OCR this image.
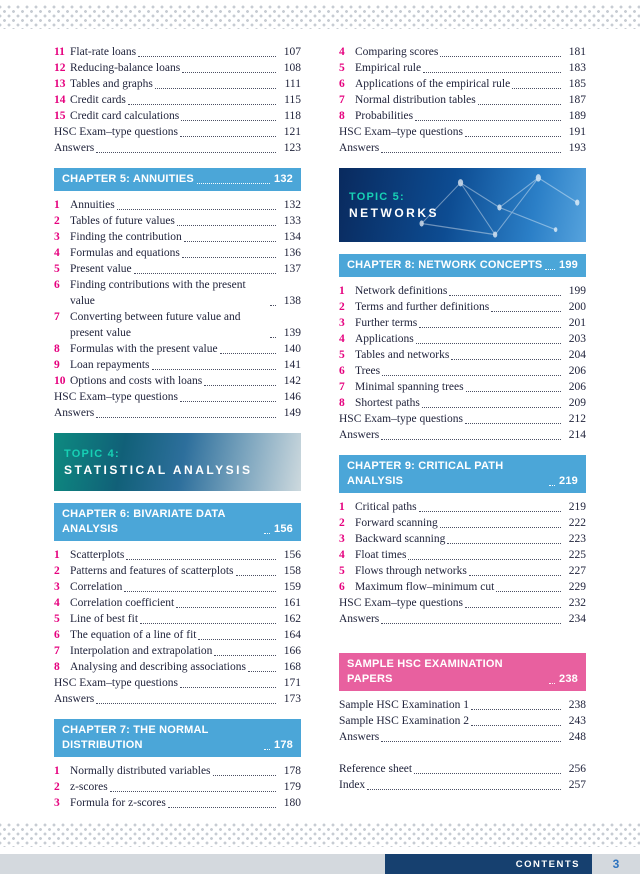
11 Flat-rate loans	107
12 Reducing-balance loans	108
13 Tables and graphs	111
14 Credit cards	115
15 Credit card calculations	118
HSC Exam–type questions	121
Answers	123
CHAPTER 5: ANNUITIES	132
1 Annuities	132
2 Tables of future values	133
3 Finding the contribution	134
4 Formulas and equations	136
5 Present value	137
6 Finding contributions with the present value	138
7 Converting between future value and present value	139
8 Formulas with the present value	140
9 Loan repayments	141
10 Options and costs with loans	142
HSC Exam–type questions	146
Answers	149
TOPIC 4:
STATISTICAL ANALYSIS
CHAPTER 6: BIVARIATE DATA ANALYSIS	156
1 Scatterplots	156
2 Patterns and features of scatterplots	158
3 Correlation	159
4 Correlation coefficient	161
5 Line of best fit	162
6 The equation of a line of fit	164
7 Interpolation and extrapolation	166
8 Analysing and describing associations	168
HSC Exam–type questions	171
Answers	173
CHAPTER 7: THE NORMAL DISTRIBUTION	178
1 Normally distributed variables	178
2 z-scores	179
3 Formula for z-scores	180
4 Comparing scores	181
5 Empirical rule	183
6 Applications of the empirical rule	185
7 Normal distribution tables	187
8 Probabilities	189
HSC Exam–type questions	191
Answers	193
TOPIC 5:
NETWORKS
CHAPTER 8: NETWORK CONCEPTS 199
1 Network definitions	199
2 Terms and further definitions	200
3 Further terms	201
4 Applications	203
5 Tables and networks	204
6 Trees	206
7 Minimal spanning trees	206
8 Shortest paths	209
HSC Exam–type questions	212
Answers	214
CHAPTER 9: CRITICAL PATH ANALYSIS	219
1 Critical paths	219
2 Forward scanning	222
3 Backward scanning	223
4 Float times	225
5 Flows through networks	227
6 Maximum flow–minimum cut	229
HSC Exam–type questions	232
Answers	234
SAMPLE HSC EXAMINATION PAPERS	238
Sample HSC Examination 1	238
Sample HSC Examination 2	243
Answers	248
Reference sheet	256
Index	257
CONTENTS	3
